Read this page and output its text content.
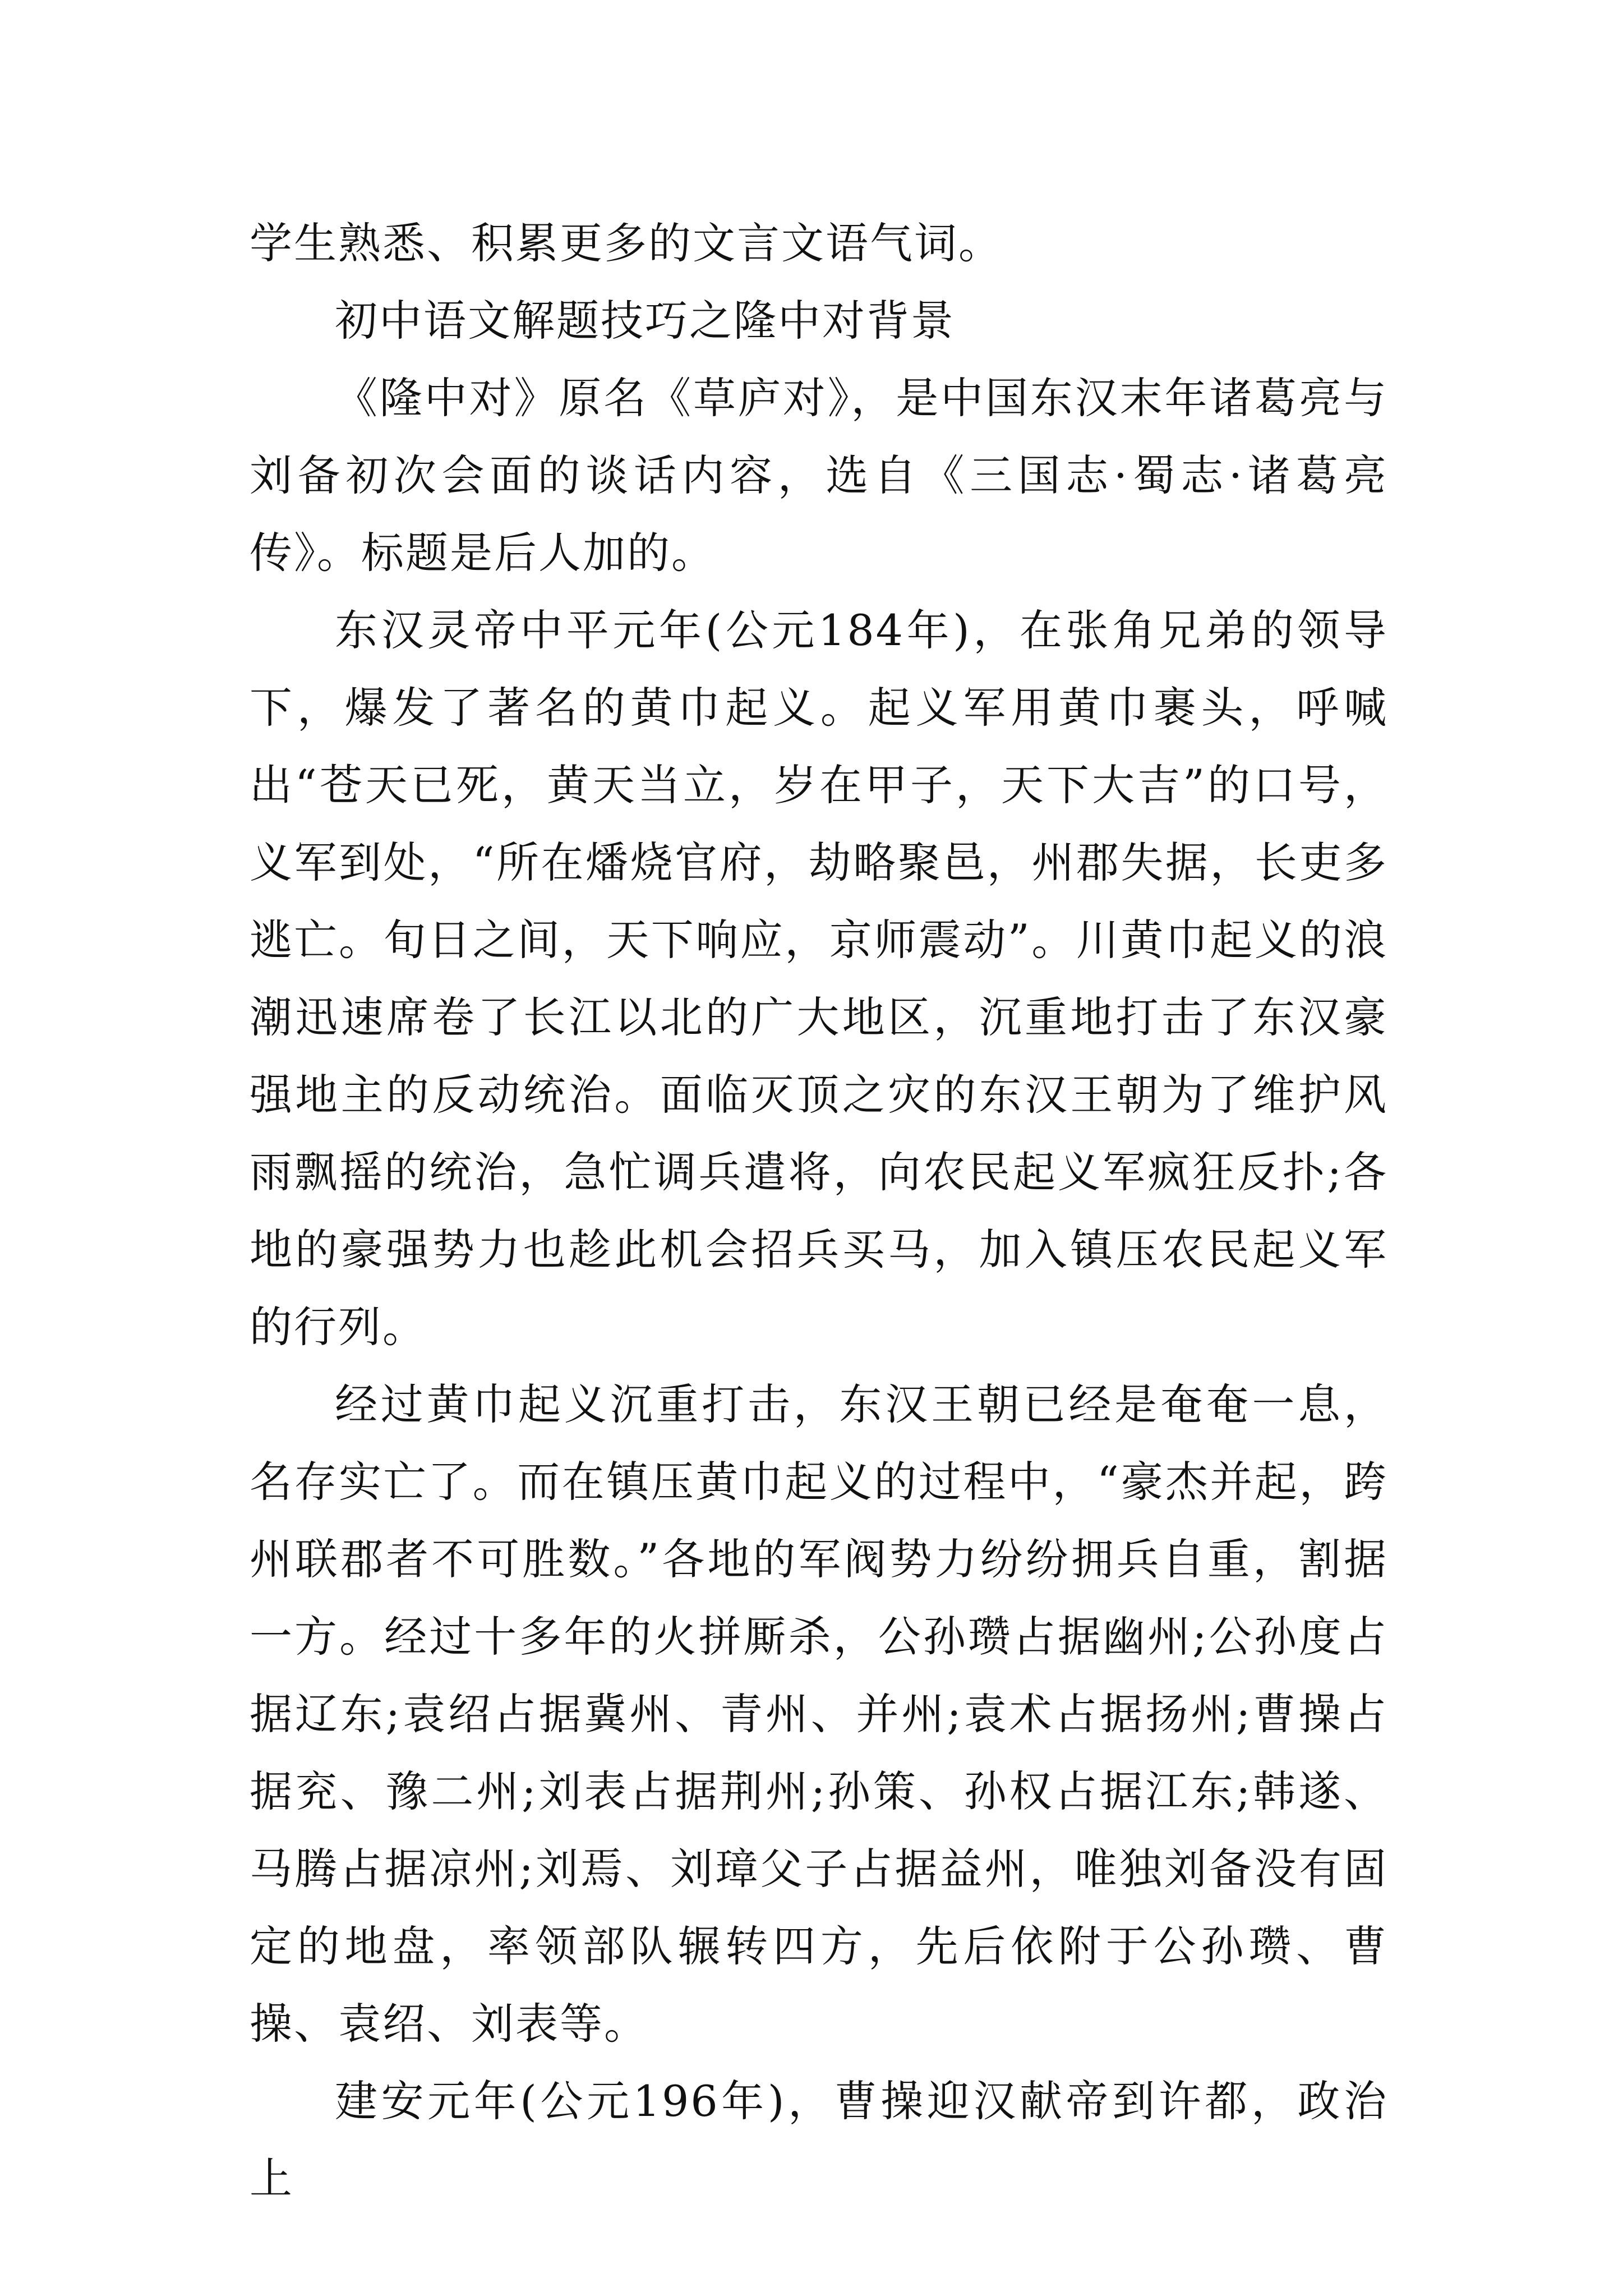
学生熟悉、积累更多的文言文语气词。

初中语文解题技巧之隆中对背景

《隆中对》原名《草庐对》，是中国东汉末年诸葛亮与刘备初次会面的谈话内容，选自《三国志·蜀志·诸葛亮传》。标题是后人加的。

东汉灵帝中平元年(公元184年)，在张角兄弟的领导下，爆发了著名的黄巾起义。起义军用黄巾裹头，呼喊出“苍天已死，黄天当立，岁在甲子，天下大吉”的口号，义军到处，“所在燔烧官府，劫略聚邑，州郡失据，长吏多逃亡。旬日之间，天下响应，京师震动”。川黄巾起义的浪潮迅速席卷了长江以北的广大地区，沉重地打击了东汉豪强地主的反动统治。面临灭顶之灾的东汉王朝为了维护风雨飘摇的统治，急忙调兵遣将，向农民起义军疯狂反扑;各地的豪强势力也趁此机会招兵买马，加入镇压农民起义军的行列。

经过黄巾起义沉重打击，东汉王朝已经是奄奄一息，名存实亡了。而在镇压黄巾起义的过程中，“豪杰并起，跨州联郡者不可胜数。”各地的军阀势力纷纷拥兵自重，割据一方。经过十多年的火拼厮杀，公孙瓒占据幽州;公孙度占据辽东;袁绍占据冀州、青州、并州;袁术占据扬州;曹操占据兖、豫二州;刘表占据荆州;孙策、孙权占据江东;韩遂、马腾占据凉州;刘焉、刘璋父子占据益州，唯独刘备没有固定的地盘，率领部队辗转四方，先后依附于公孙瓒、曹操、袁绍、刘表等。

建安元年(公元196年)，曹操迎汉献帝到许都，政治上
